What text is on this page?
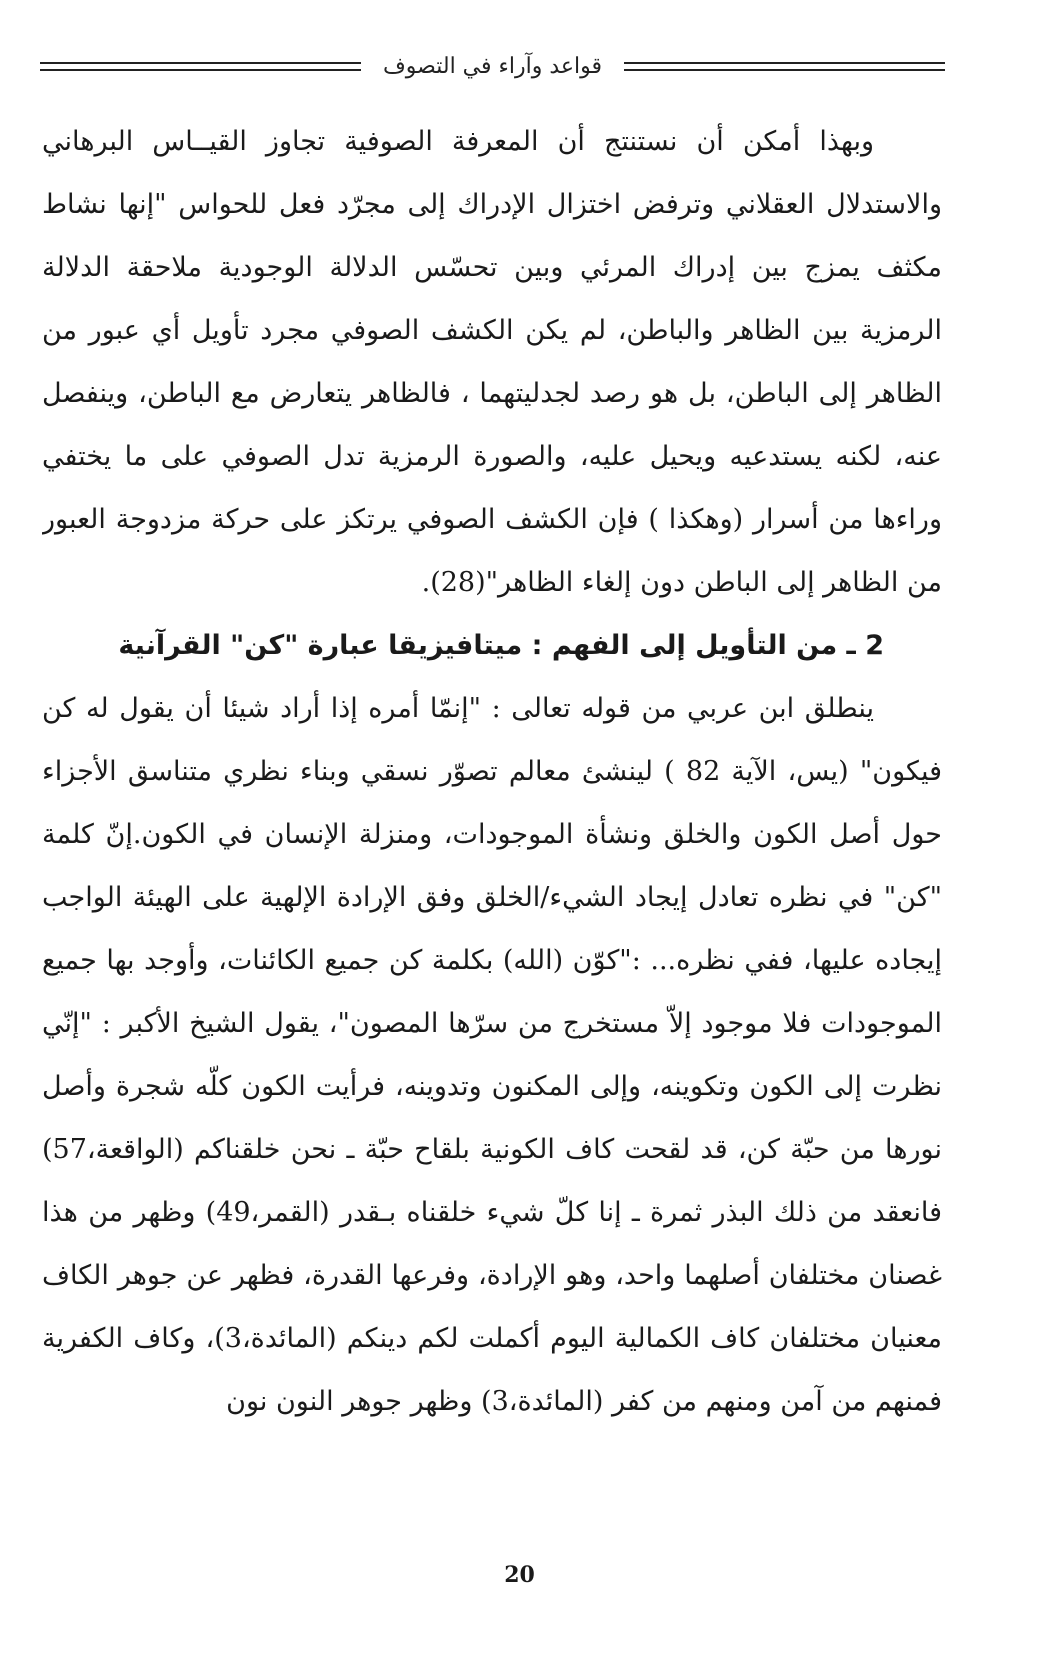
قواعد وآراء في التصوف

وبهذا أمكن أن نستنتج أن المعرفة الصوفية تجاوز القيــاس البرهاني والاستدلال العقلاني وترفض اختزال الإدراك إلى مجرّد فعل للحواس "إنها نشاط مكثف يمزج بين إدراك المرئي وبين تحسّس الدلالة الوجودية ملاحقة الدلالة الرمزية بين الظاهر والباطن، لم يكن الكشف الصوفي مجرد تأويل أي عبور من الظاهر إلى الباطن، بل هو رصد لجدليتهما ، فالظاهر يتعارض مع الباطن، وينفصل عنه، لكنه يستدعيه ويحيل عليه، والصورة الرمزية تدل الصوفي على ما يختفي وراءها من أسرار (وهكذا ) فإن الكشف الصوفي يرتكز على حركة مزدوجة العبور من الظاهر إلى الباطن دون إلغاء الظاهر"(28).

2 ـ من التأويل إلى الفهم : ميتافيزيقا عبارة "كن" القرآنية

ينطلق ابن عربي من قوله تعالى : "إنمّا أمره إذا أراد شيئا أن يقول له كن فيكون" (يس، الآية 82 ) لينشئ معالم تصوّر نسقي وبناء نظري متناسق الأجزاء حول أصل الكون والخلق ونشأة الموجودات، ومنزلة الإنسان في الكون.إنّ كلمة "كن" في نظره تعادل إيجاد الشيء/الخلق وفق الإرادة الإلهية على الهيئة الواجب إيجاده عليها، ففي نظره... :"كوّن (الله) بكلمة كن جميع الكائنات، وأوجد بها جميع الموجودات فلا موجود إلاّ مستخرج من سرّها المصون"، يقول الشيخ الأكبر : "إنّي نظرت إلى الكون وتكوينه، وإلى المكنون وتدوينه، فرأيت الكون كلّه شجرة وأصل نورها من حبّة كن، قد لقحت كاف الكونية بلقاح حبّة ـ نحن خلقناكم (الواقعة،57) فانعقد من ذلك البذر ثمرة ـ إنا كلّ شيء خلقناه بـقدر (القمر،49) وظهر من هذا غصنان مختلفان أصلهما واحد، وهو الإرادة، وفرعها القدرة، فظهر عن جوهر الكاف معنيان مختلفان كاف الكمالية اليوم أكملت لكم دينكم (المائدة،3)، وكاف الكفرية فمنهم من آمن ومنهم من كفر (المائدة،3) وظهر جوهر النون نون

20
